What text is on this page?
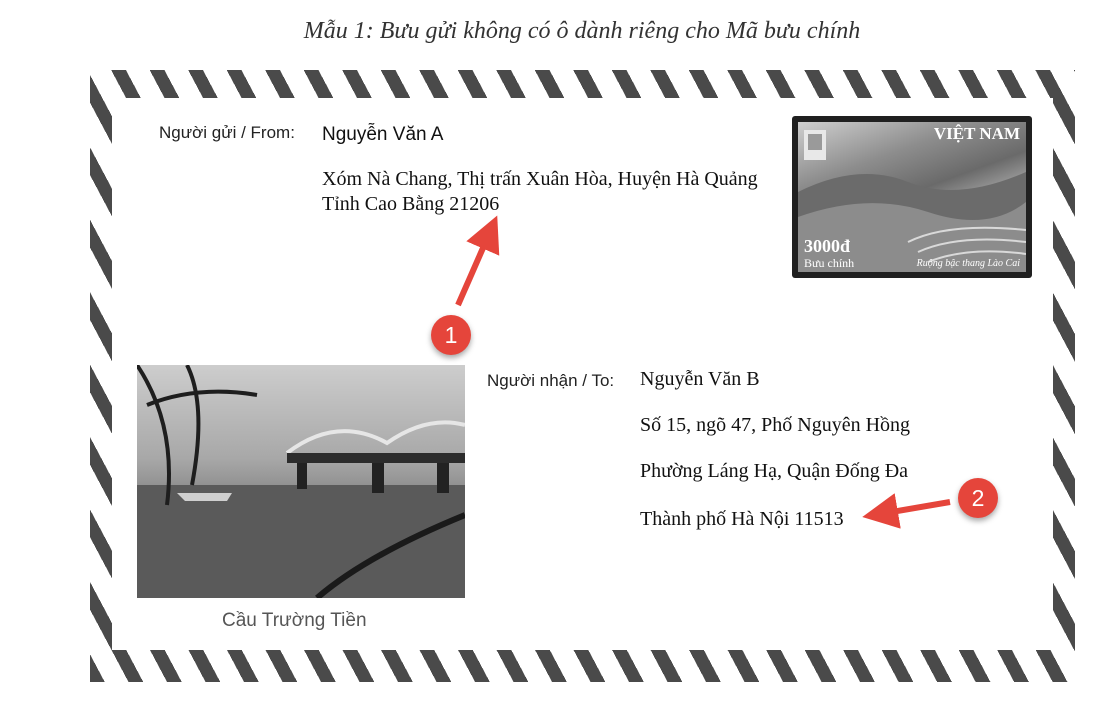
Mẫu 1: Bưu gửi không có ô dành riêng cho Mã bưu chính
Người gửi / From: Nguyễn Văn A
Xóm Nà Chang, Thị trấn Xuân Hòa, Huyện Hà Quảng
Tỉnh Cao Bằng 21206
VIỆT NAM
3000đ
Bưu chính	Ruộng bậc thang Lào Cai
Cầu Trường Tiền
Người nhận / To: Nguyễn Văn B
Số 15, ngõ 47, Phố Nguyên Hồng
Phường Láng Hạ, Quận Đống Đa
Thành phố Hà Nội 11513
1
2
